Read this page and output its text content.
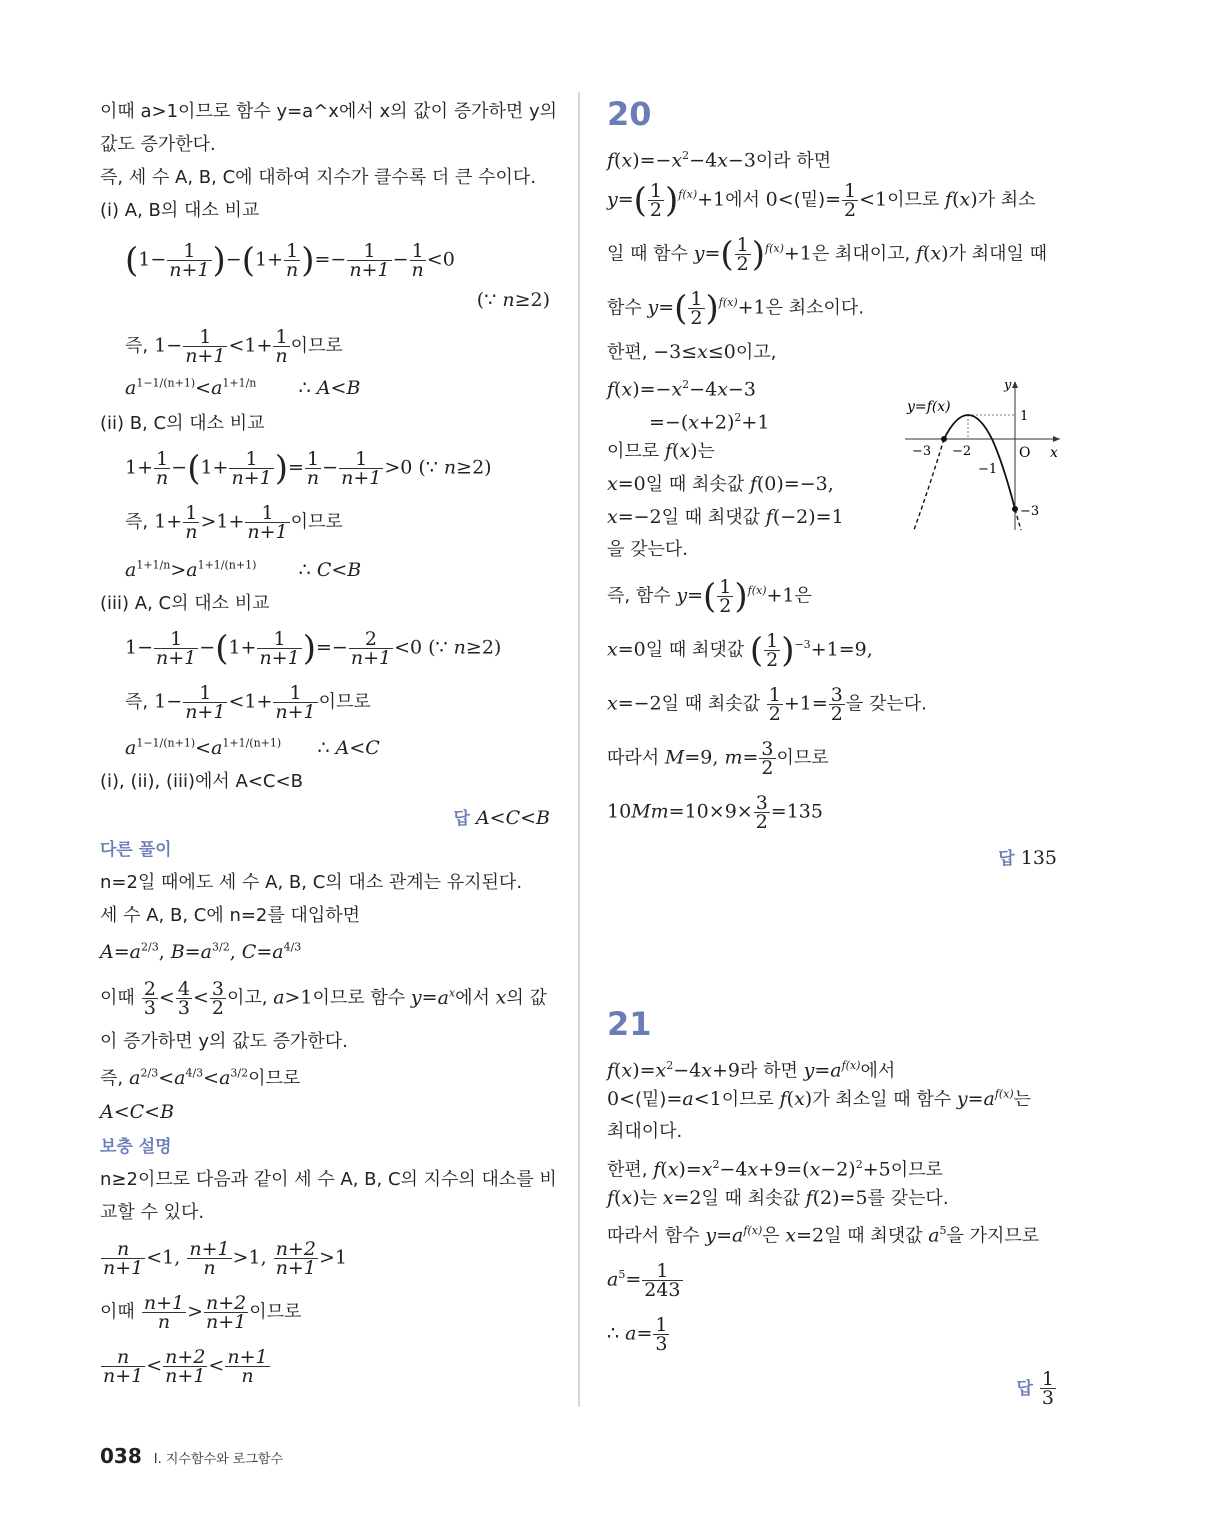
이때 a>1이므로 함수 y=a^x에서 x의 값이 증가하면 y의
값도 증가한다.
즉, 세 수 A, B, C에 대하여 지수가 클수록 더 큰 수이다.
(i) A, B의 대소 비교
$(1- \frac{1}{n+1} )-(1+ \frac{1}{n}$ )=− $\frac{1}{n+1} - \frac{1}{n} <0$
(∵ n≥2)
즉, $1- \frac{1}{n+1} <1+ \frac{1}{n}$ 이므로
$a^{1-1/(n+1)}<a^{1+1/n}$       ∴ A<B
(ii) B, C의 대소 비교
$1+ \frac{1}{n} -(1+ \frac{1}{n+1}$ )= $\frac{1}{n} - \frac{1}{n+1} >0$ (∵ n≥2)
즉, $1+ \frac{1}{n} >1+ \frac{1}{n+1}$ 이므로
$a^{1+1/n}>a^{1+1/(n+1)}$       ∴ C<B
(iii) A, C의 대소 비교
$1- \frac{1}{n+1} -(1+ \frac{1}{n+1}$ )=− $\frac{2}{n+1} <0$ (∵ n≥2)
즉, $1- \frac{1}{n+1} <1+ \frac{1}{n+1}$ 이므로
$a^{1-1/(n+1)}<a^{1+1/(n+1)}$      ∴ A<C
(i), (ii), (iii)에서 A<C<B
답 A<C<B
다른 풀이
n=2일 때에도 세 수 A, B, C의 대소 관계는 유지된다.
세 수 A, B, C에 n=2를 대입하면
$A=a^{2/3}$, $B=a^{3/2}$, $C=a^{4/3}$
이때 $\frac{2}{3} < \frac{4}{3} < \frac{3}{2}$ 이고, a>1이므로 함수 $y=a^x$에서 x의 값
이 증가하면 y의 값도 증가한다.
즉, $a^{2/3}<a^{4/3}<a^{3/2}$이므로
A<C<B
보충 설명
n≥2이므로 다음과 같이 세 수 A, B, C의 지수의 대소를 비
교할 수 있다.
$\frac{n}{n+1} <1$, $\frac{n+1}{n} >1$, $\frac{n+2}{n+1} >1$
이때 $\frac{n+1}{n} > \frac{n+2}{n+1}$ 이므로
$\frac{n}{n+1} < \frac{n+2}{n+1} < \frac{n+1}{n}$
20
$f(x)=-x^2-4x-3$이라 하면
$y=( \frac{1}{2} )^{f(x)}+1$에서 0<(밑)= $\frac{1}{2} <1$이므로 f(x)가 최소
일 때 함수 $y=( \frac{1}{2} )^{f(x)}+1$은 최대이고, f(x)가 최대일 때
함수 $y=( \frac{1}{2} )^{f(x)}+1$은 최소이다.
한편, −3≤x≤0이고,
$f(x)=-x^2-4x-3$
$=-(x+2)^2+1$
이므로 f(x)는
x=0일 때 최솟값 f(0)=−3,
x=−2일 때 최댓값 f(−2)=1
을 갖는다.
y=f(x)
y
x
O
−3 −2
−1
1
−3
즉, 함수 $y=( \frac{1}{2} )^{f(x)}+1$은
x=0일 때 최댓값 ( $\frac{1}{2} )^{-3}+1=9$,
x=−2일 때 최솟값 $\frac{1}{2} +1= \frac{3}{2}$ 을 갖는다.
따라서 M=9, $m= \frac{3}{2}$ 이므로
$10Mm=10\times 9\times \frac{3}{2} =135$
답 135
21
$f(x)=x^2-4x+9$라 하면 $y=a^{f(x)}$에서
0<(밑)=a<1이므로 f(x)가 최소일 때 함수 $y=a^{f(x)}$는
최대이다.
한편, $f(x)=x^2-4x+9=(x-2)^2+5$이므로
f(x)는 x=2일 때 최솟값 f(2)=5를 갖는다.
따라서 함수 $y=a^{f(x)}$은 x=2일 때 최댓값 $a^5$을 가지므로
$a^5= \frac{1}{243}$
∴ $a= \frac{1}{3}$
답 $\frac{1}{3}$
038 I. 지수함수와 로그함수
